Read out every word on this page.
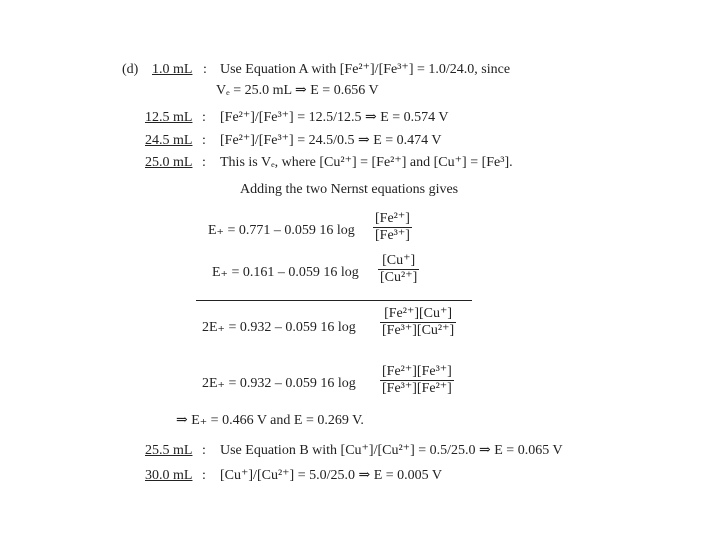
(d) 1.0 mL : Use Equation A with [Fe²⁺]/[Fe³⁺] = 1.0/24.0, since
Vₑ = 25.0 mL ⇒ E = 0.656 V
12.5 mL : [Fe²⁺]/[Fe³⁺] = 12.5/12.5 ⇒ E = 0.574 V
24.5 mL : [Fe²⁺]/[Fe³⁺] = 24.5/0.5 ⇒ E = 0.474 V
25.0 mL : This is Vₑ, where [Cu²⁺] = [Fe²⁺] and [Cu⁺] = [Fe³].
Adding the two Nernst equations gives
E₊ = 0.771 – 0.059 16 $\log \frac{\text{[Fe²⁺]}}{\text{[Fe³⁺]}}$
E₊ = 0.161 – 0.059 16 $\log \frac{[Cu^+]}{\text{[Cu²⁺]}}$
2E₊ = 0.932 – 0.059 16 $\log \frac{\text{[Fe²⁺][Cu⁺]}}{\text{[Fe³⁺][Cu²⁺]}}$
2E₊ = 0.932 – 0.059 16 $\log \frac{\text{[Fe²⁺][Fe³⁺]}}{\text{[Fe³⁺][Fe²⁺]}}$
⇒ E₊ = 0.466 V and E = 0.269 V.
25.5 mL : Use Equation B with [Cu⁺]/[Cu²⁺] = 0.5/25.0 ⇒ E = 0.065 V
30.0 mL : [Cu⁺]/[Cu²⁺] = 5.0/25.0 ⇒ E = 0.005 V
